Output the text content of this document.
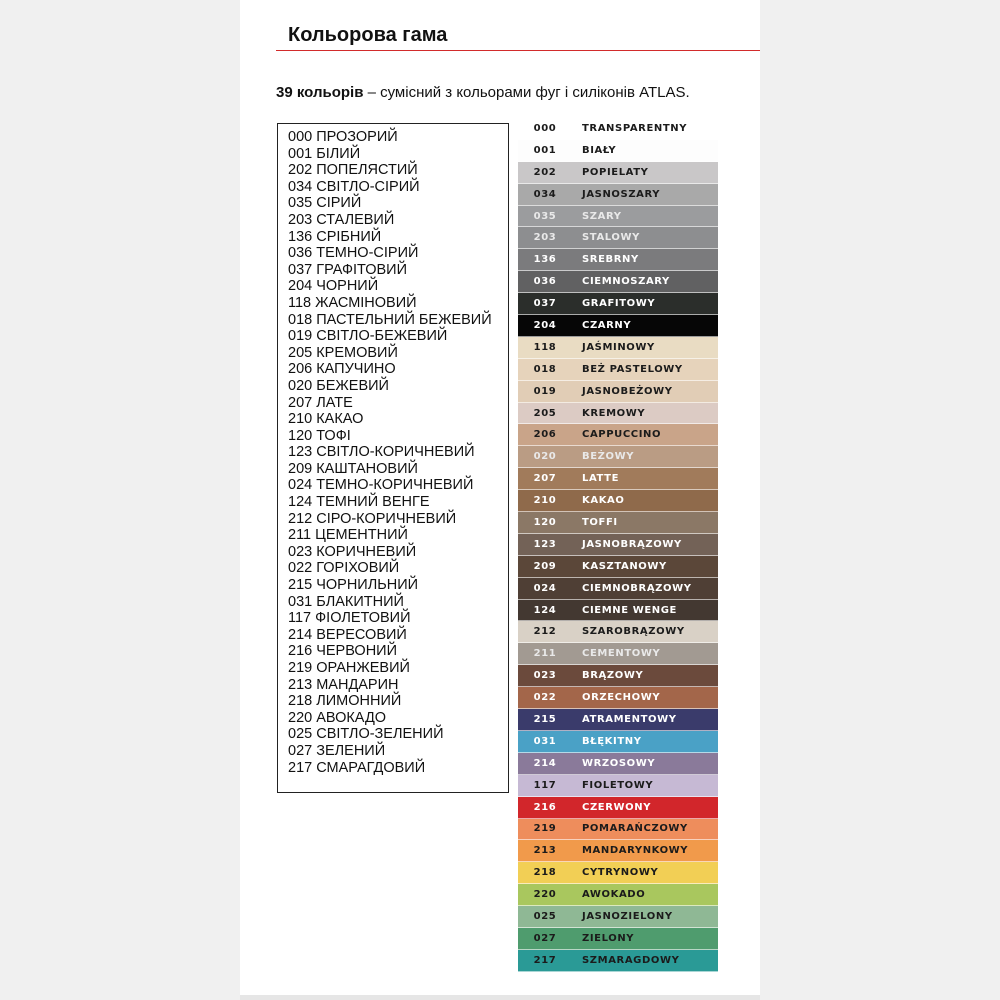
Кольорова гама
39 кольорів – сумісний з кольорами фуг і силіконів ATLAS.
000 ПРОЗОРИЙ
001 БІЛИЙ
202 ПОПЕЛЯСТИЙ
034 СВІТЛО-СІРИЙ
035 СІРИЙ
203 СТАЛЕВИЙ
136 СРІБНИЙ
036 ТЕМНО-СІРИЙ
037 ГРАФІТОВИЙ
204 ЧОРНИЙ
118 ЖАСМІНОВИЙ
018 ПАСТЕЛЬНИЙ БЕЖЕВИЙ
019 СВІТЛО-БЕЖЕВИЙ
205 КРЕМОВИЙ
206 КАПУЧИНО
020 БЕЖЕВИЙ
207 ЛАТЕ
210 КАКАО
120 ТОФІ
123 СВІТЛО-КОРИЧНЕВИЙ
209 КАШТАНОВИЙ
024 ТЕМНО-КОРИЧНЕВИЙ
124 ТЕМНИЙ ВЕНГЕ
212 СІРО-КОРИЧНЕВИЙ
211 ЦЕМЕНТНИЙ
023 КОРИЧНЕВИЙ
022 ГОРІХОВИЙ
215 ЧОРНИЛЬНИЙ
031 БЛАКИТНИЙ
117 ФІОЛЕТОВИЙ
214 ВЕРЕСОВИЙ
216 ЧЕРВОНИЙ
219 ОРАНЖЕВИЙ
213 МАНДАРИН
218 ЛИМОННИЙ
220 АВОКАДО
025 СВІТЛО-ЗЕЛЕНИЙ
027 ЗЕЛЕНИЙ
217 СМАРАГДОВИЙ
000	TRANSPARENTNY
001	BIAŁY
202	POPIELATY
034	JASNOSZARY
035	SZARY
203	STALOWY
136	SREBRNY
036	CIEMNOSZARY
037	GRAFITOWY
204	CZARNY
118	JAŚMINOWY
018	BEŻ PASTELOWY
019	JASNOBEŻOWY
205	KREMOWY
206	CAPPUCCINO
020	BEŻOWY
207	LATTE
210	KAKAO
120	TOFFI
123	JASNOBRĄZOWY
209	KASZTANOWY
024	CIEMNOBRĄZOWY
124	CIEMNE WENGE
212	SZAROBRĄZOWY
211	CEMENTOWY
023	BRĄZOWY
022	ORZECHOWY
215	ATRAMENTOWY
031	BŁĘKITNY
214	WRZOSOWY
117	FIOLETOWY
216	CZERWONY
219	POMARAŃCZOWY
213	MANDARYNKOWY
218	CYTRYNOWY
220	AWOKADO
025	JASNOZIELONY
027	ZIELONY
217	SZMARAGDOWY
